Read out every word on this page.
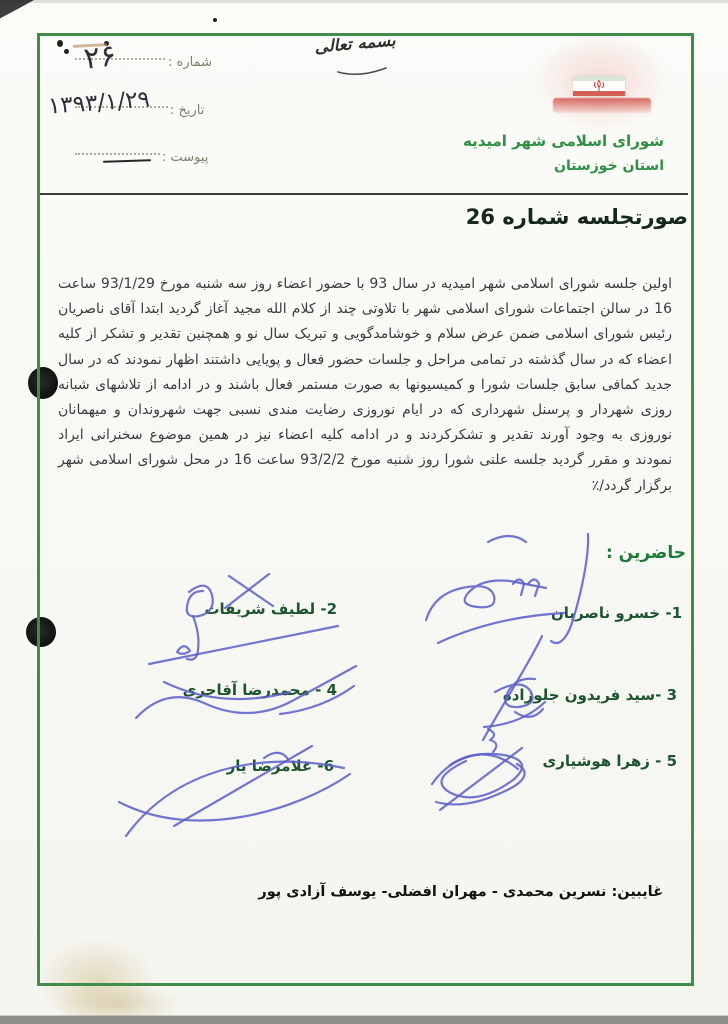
بسمه تعالی
شماره :
۲۶
تاریخ :
۱۳۹۳/۱/۲۹
پیوست :
شورای اسلامی شهر امیدیه
استان خوزستان
صورتجلسه شماره 26
اولین جلسه شورای اسلامی شهر امیدیه در سال 93 با حضور اعضاء روز سه شنبه مورخ 93/1/29 ساعت 16 در سالن اجتماعات شورای اسلامی شهر با تلاوتی چند از کلام الله مجید آغاز گردید ابتدا آقای ناصریان رئیس شورای اسلامی ضمن عرض سلام و خوشامدگویی و تبریک سال نو و همچنین تقدیر و تشکر از کلیه اعضاء که در سال گذشته در تمامی مراحل و جلسات حضور فعال و پویایی داشتند اظهار نمودند که در سال جدید کمافی سابق جلسات شورا و کمیسیونها به صورت مستمر فعال باشند و در ادامه از تلاشهای شبانه روزی شهردار و پرسنل شهرداری که در ایام نوروزی رضایت مندی نسبی جهت شهروندان و میهمانان نوروزی به وجود آورند تقدیر و تشکرکردند و در ادامه کلیه اعضاء نیز در همین موضوع سخنرانی ایراد نمودند و مقرر گردید جلسه علنی شورا روز شنبه مورخ 93/2/2 ساعت 16 در محل شورای اسلامی شهر برگزار گردد/٪
حاضرین :
1- خسرو ناصریان
2- لطیف شریفات
3 -سید فریدون جلوزاده
4 - محمدرضا آقاجری
5 - زهرا هوشیاری
6- غلامرضا یار
غایبین: نسرین محمدی - مهران افضلی- یوسف آزادی پور
